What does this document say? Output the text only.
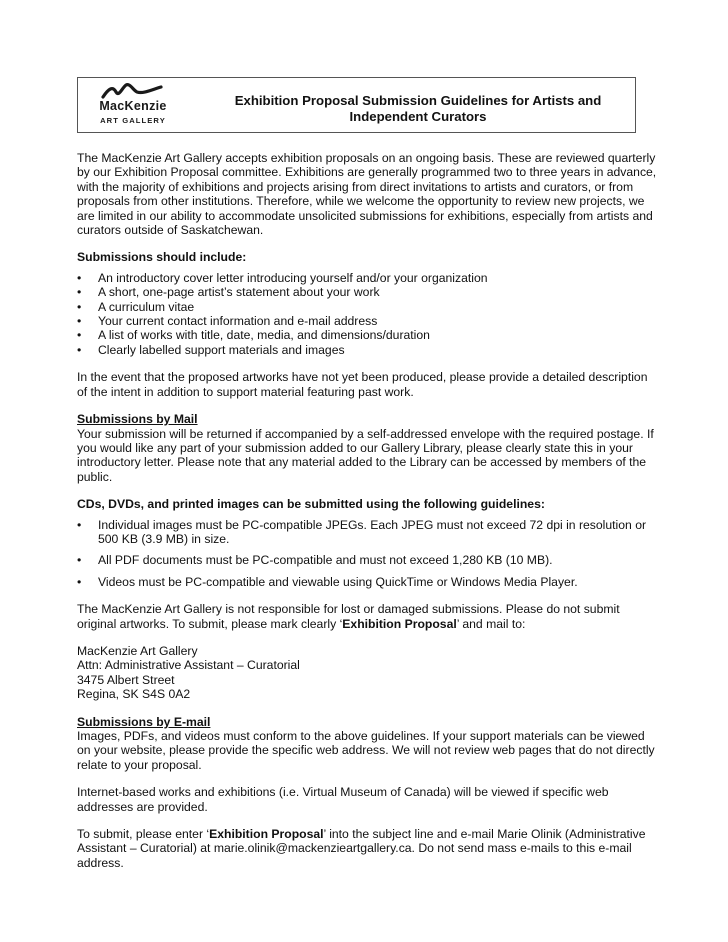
MacKenzie
ART GALLERY
Exhibition Proposal Submission Guidelines for Artists and
Independent Curators

The MacKenzie Art Gallery accepts exhibition proposals on an ongoing basis. These are reviewed quarterly by our Exhibition Proposal committee. Exhibitions are generally programmed two to three years in advance, with the majority of exhibitions and projects arising from direct invitations to artists and curators, or from proposals from other institutions. Therefore, while we welcome the opportunity to review new projects, we are limited in our ability to accommodate unsolicited submissions for exhibitions, especially from artists and curators outside of Saskatchewan.

Submissions should include:

• An introductory cover letter introducing yourself and/or your organization
• A short, one-page artist’s statement about your work
• A curriculum vitae
• Your current contact information and e-mail address
• A list of works with title, date, media, and dimensions/duration
• Clearly labelled support materials and images

In the event that the proposed artworks have not yet been produced, please provide a detailed description of the intent in addition to support material featuring past work.

Submissions by Mail

Your submission will be returned if accompanied by a self-addressed envelope with the required postage. If you would like any part of your submission added to our Gallery Library, please clearly state this in your introductory letter. Please note that any material added to the Library can be accessed by members of the public.

CDs, DVDs, and printed images can be submitted using the following guidelines:

• Individual images must be PC-compatible JPEGs. Each JPEG must not exceed 72 dpi in resolution or 500 KB (3.9 MB) in size.
• All PDF documents must be PC-compatible and must not exceed 1,280 KB (10 MB).
• Videos must be PC-compatible and viewable using QuickTime or Windows Media Player.

The MacKenzie Art Gallery is not responsible for lost or damaged submissions. Please do not submit original artworks. To submit, please mark clearly ‘Exhibition Proposal’ and mail to:

MacKenzie Art Gallery

Attn: Administrative Assistant – Curatorial

3475 Albert Street

Regina, SK S4S 0A2

Submissions by E-mail

Images, PDFs, and videos must conform to the above guidelines. If your support materials can be viewed on your website, please provide the specific web address. We will not review web pages that do not directly relate to your proposal.

Internet-based works and exhibitions (i.e. Virtual Museum of Canada) will be viewed if specific web addresses are provided.

To submit, please enter ‘Exhibition Proposal’ into the subject line and e-mail Marie Olinik (Administrative Assistant – Curatorial) at marie.olinik@mackenzieartgallery.ca. Do not send mass e-mails to this e-mail address.
